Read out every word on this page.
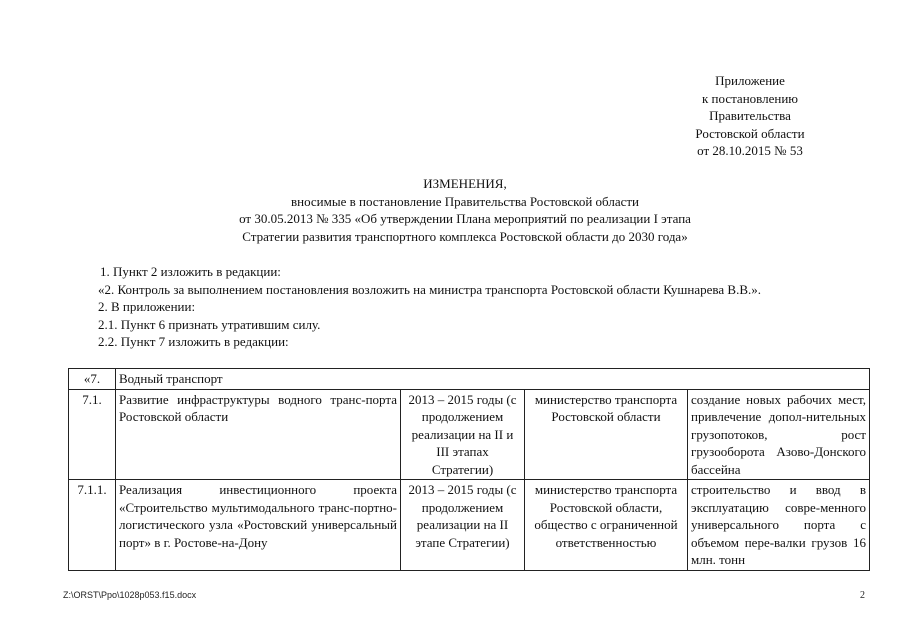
Приложение
к постановлению
Правительства
Ростовской области
от 28.10.2015 № 53
ИЗМЕНЕНИЯ,
вносимые в постановление Правительства Ростовской области
от 30.05.2013 № 335 «Об утверждении Плана мероприятий по реализации I этапа
Стратегии развития транспортного комплекса Ростовской области до 2030 года»
1. Пункт 2 изложить в редакции:
«2. Контроль за выполнением постановления возложить на министра транспорта Ростовской области Кушнарева В.В.».
2. В приложении:
2.1. Пункт 6 признать утратившим силу.
2.2. Пункт 7 изложить в редакции:
«7.	Водный транспорт			
7.1.	Развитие инфраструктуры водного транс-порта Ростовской области	2013 – 2015 годы (с продолжением реализации на II и III этапах Стратегии)	министерство транспорта Ростовской области	создание новых рабочих мест, привлечение допол-нительных грузопотоков, рост грузооборота Азово-Донского бассейна
7.1.1.	Реализация инвестиционного проекта «Строительство мультимодального транс-портно-логистического узла «Ростовский универсальный порт» в г. Ростове-на-Дону	2013 – 2015 годы (с продолжением реализации на II этапе Стратегии)	министерство транспорта Ростовской области, общество с ограниченной ответственностью	строительство и ввод в эксплуатацию совре-менного универсального порта с объемом пере-валки грузов 16 млн. тонн
Z:\ORST\Ppo\1028p053.f15.docx	2
